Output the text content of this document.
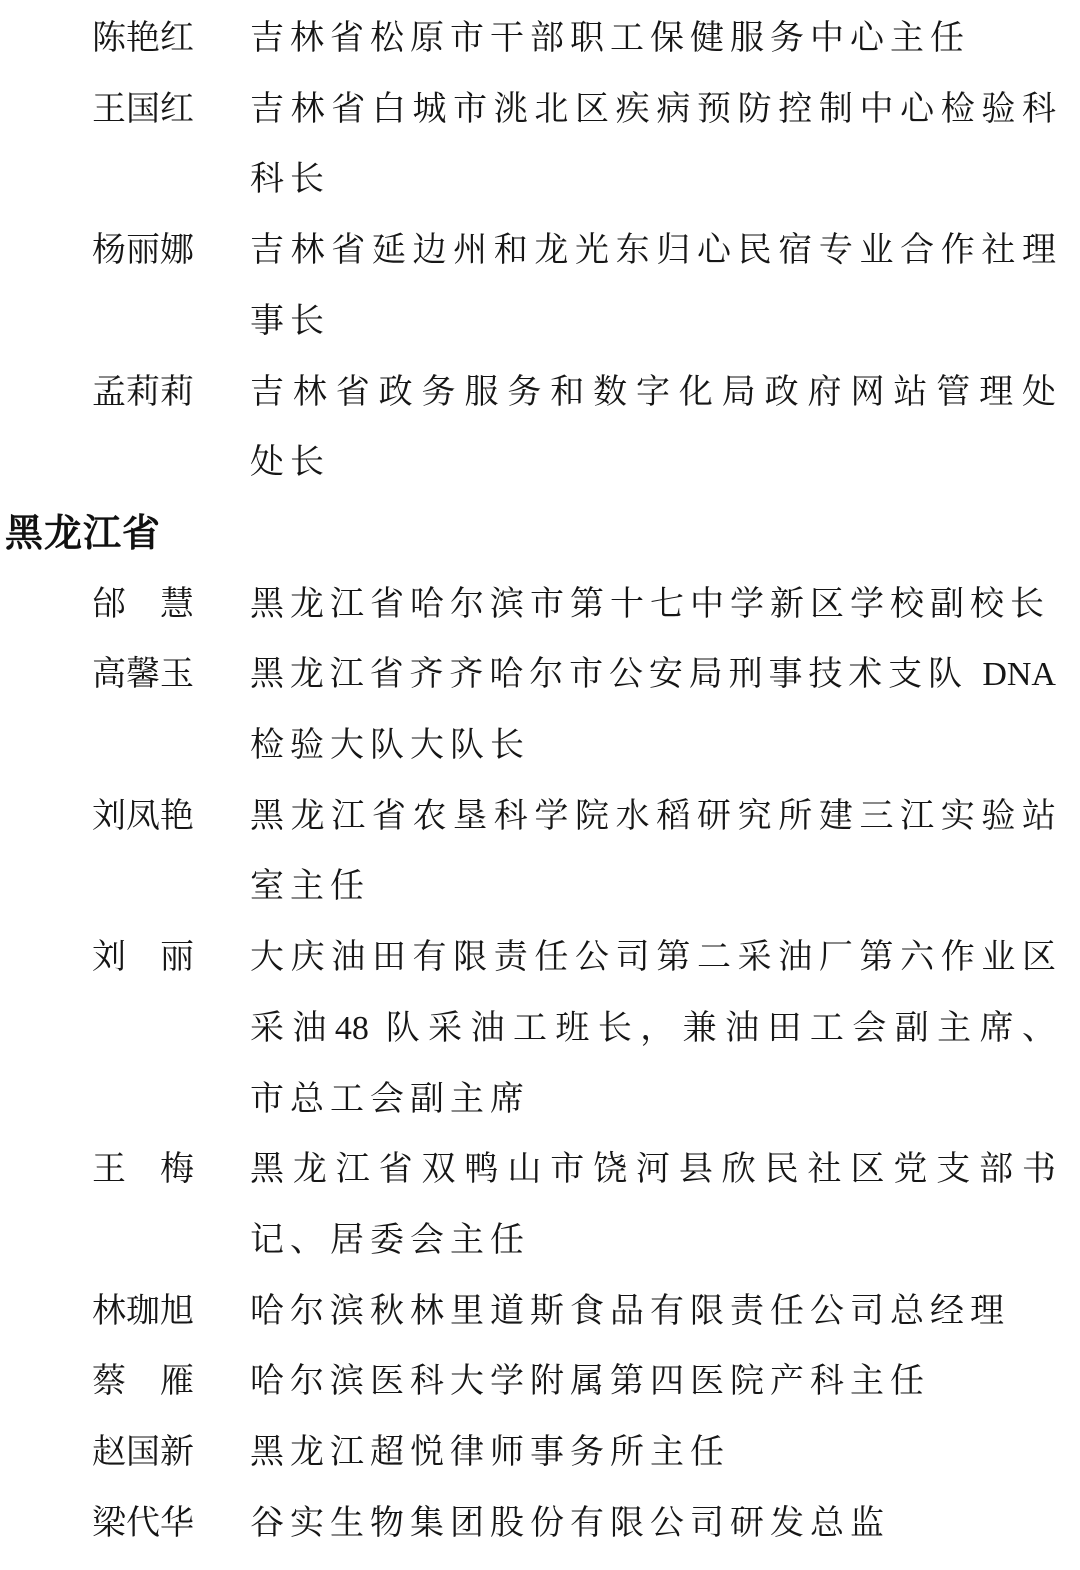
陈艳红 吉林省松原市干部职工保健服务中心主任
王国红 吉林省白城市洮北区疾病预防控制中心检验科
科长
杨丽娜 吉林省延边州和龙光东归心民宿专业合作社理
事长
孟莉莉 吉林省政务服务和数字化局政府网站管理处
处长
黑龙江省
邰　慧 黑龙江省哈尔滨市第十七中学新区学校副校长
高馨玉 黑龙江省齐齐哈尔市公安局刑事技术支队 DNA
检验大队大队长
刘凤艳 黑龙江省农垦科学院水稻研究所建三江实验站
室主任
刘　丽 大庆油田有限责任公司第二采油厂第六作业区
采油48 队采油工班长，兼油田工会副主席、
市总工会副主席
王　梅 黑龙江省双鸭山市饶河县欣民社区党支部书
记、居委会主任
林珈旭 哈尔滨秋林里道斯食品有限责任公司总经理
蔡　雁 哈尔滨医科大学附属第四医院产科主任
赵国新 黑龙江超悦律师事务所主任
梁代华 谷实生物集团股份有限公司研发总监
